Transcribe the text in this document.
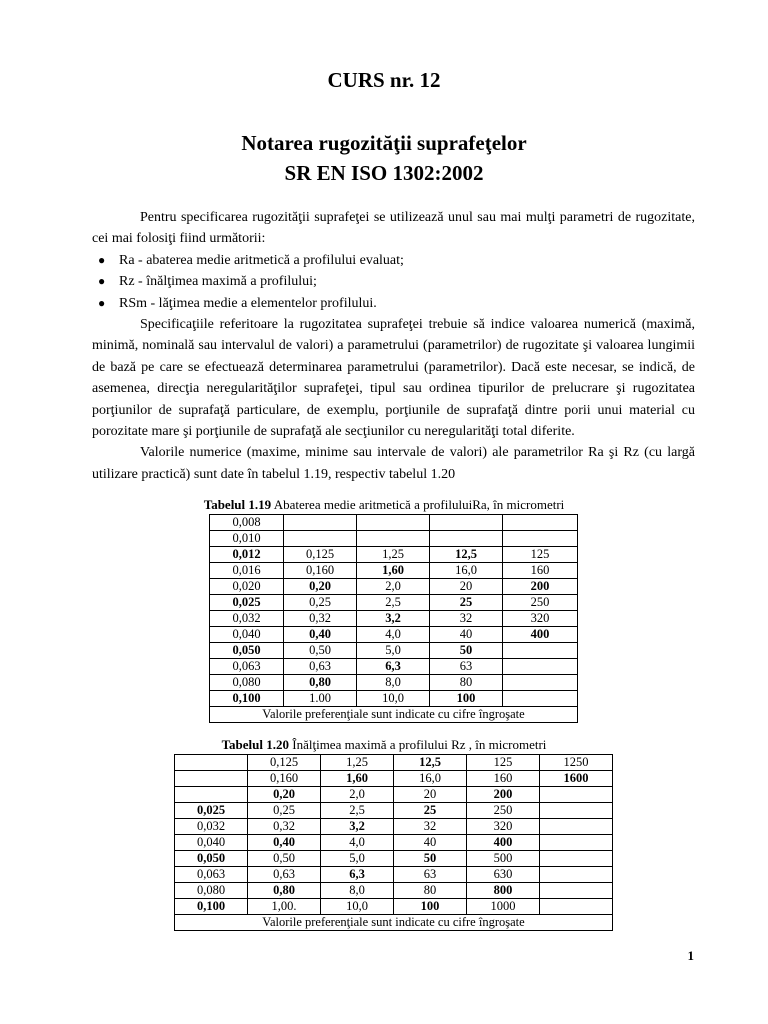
CURS nr. 12
Notarea rugozităţii suprafeţelor
SR EN ISO 1302:2002

Pentru specificarea rugozităţii suprafeţei se utilizează unul sau mai mulţi parametri de rugozitate, cei mai folosiţi fiind următorii:

● Ra - abaterea medie aritmetică a profilului evaluat;
● Rz - înălţimea maximă a profilului;
● RSm - lăţimea medie a elementelor profilului.

Specificaţiile referitoare la rugozitatea suprafeţei trebuie să indice valoarea numerică (maximă, minimă, nominală sau intervalul de valori) a parametrului (parametrilor) de rugozitate şi valoarea lungimii de bază pe care se efectuează determinarea parametrului (parametrilor). Dacă este necesar, se indică, de asemenea, direcţia neregularităţilor suprafeţei, tipul sau ordinea tipurilor de prelucrare şi rugozitatea porţiunilor de suprafaţă particulare, de exemplu, porţiunile de suprafaţă dintre porii unui material cu porozitate mare şi porţiunile de suprafaţă ale secţiunilor cu neregularităţi total diferite.

Valorile numerice (maxime, minime sau intervale de valori) ale parametrilor Ra şi Rz (cu largă utilizare practică) sunt date în tabelul 1.19, respectiv tabelul 1.20

Tabelul 1.19 Abaterea medie aritmetică a profiluluiRa, în micrometri
0,008				
0,010				
0,012	0,125	1,25	12,5	125
0,016	0,160	1,60	16,0	160
0,020	0,20	2,0	20	200
0,025	0,25	2,5	25	250
0,032	0,32	3,2	32	320
0,040	0,40	4,0	40	400
0,050	0,50	5,0	50	
0,063	0,63	6,3	63	
0,080	0,80	8,0	80	
0,100	1.00	10,0	100	
Valorile preferenţiale sunt indicate cu cifre îngroşate				
Tabelul 1.20 Înălţimea maximă a profilului Rz , în micrometri
	0,125	1,25	12,5	125	1250
	0,160	1,60	16,0	160	1600
	0,20	2,0	20	200	
0,025	0,25	2,5	25	250	
0,032	0,32	3,2	32	320	
0,040	0,40	4,0	40	400	
0,050	0,50	5,0	50	500	
0,063	0,63	6,3	63	630	
0,080	0,80	8,0	80	800	
0,100	1,00.	10,0	100	1000	
Valorile preferenţiale sunt indicate cu cifre îngroşate					
1
